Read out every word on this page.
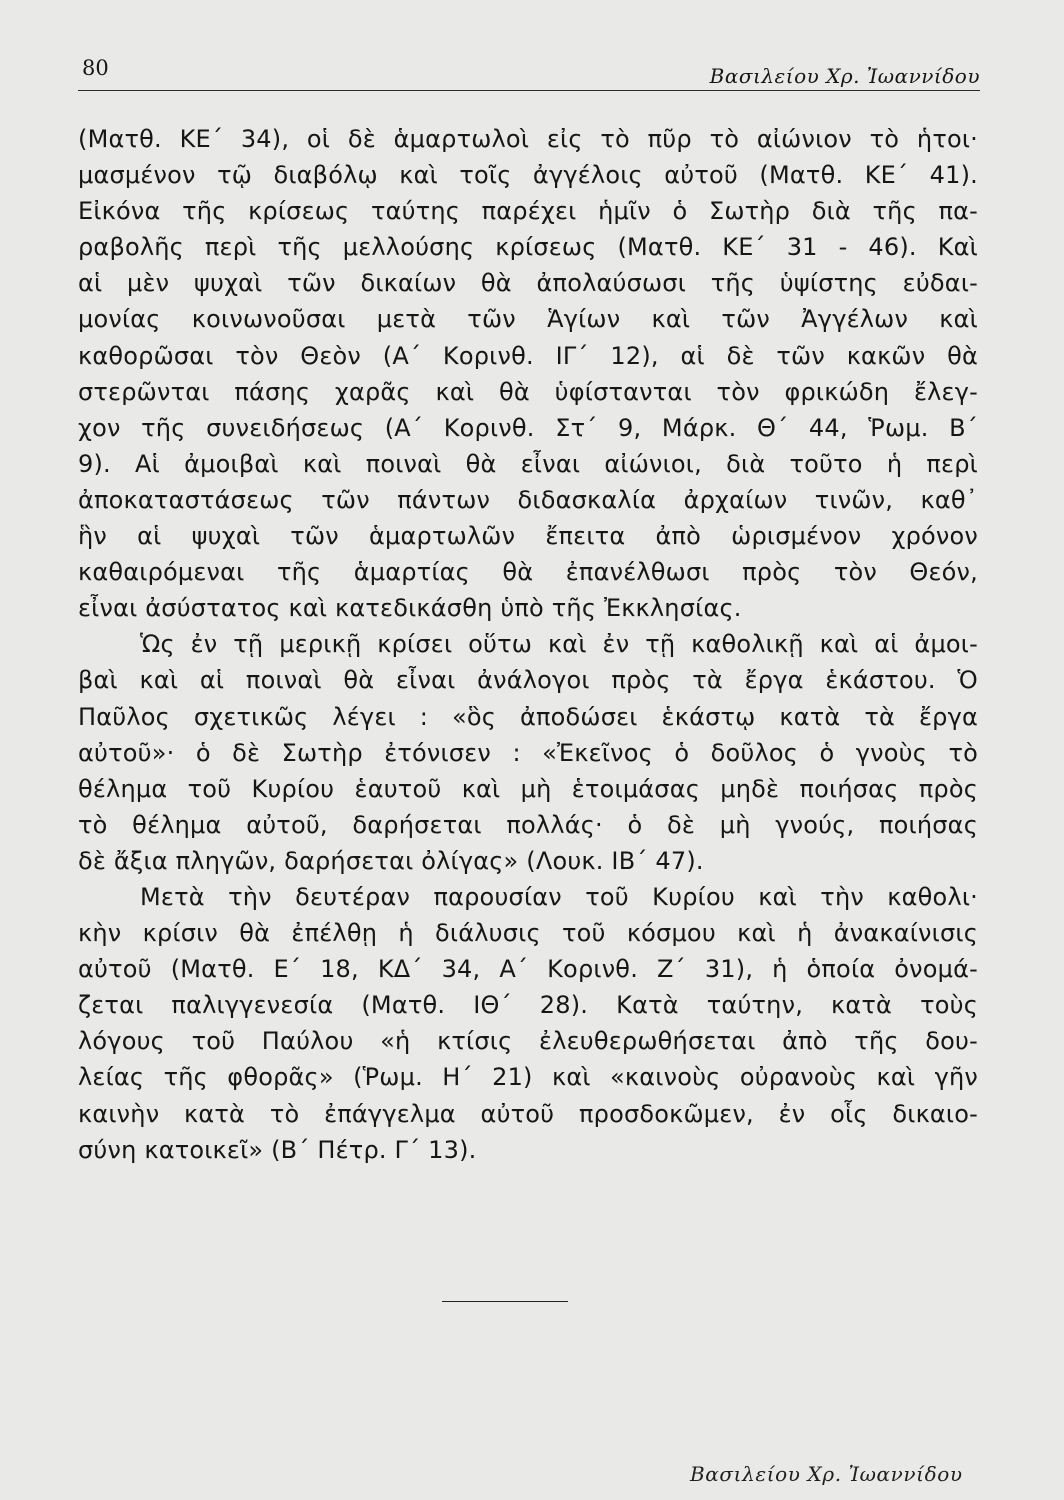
80	Βασιλείου Χρ. Ἰωαννίδου
(Ματθ. ΚΕ΄ 34), οἱ δὲ ἁμαρτωλοὶ εἰς τὸ πῦρ τὸ αἰώνιον τὸ ἡτοι·
μασμένον τῷ διαβόλῳ καὶ τοῖς ἀγγέλοις αὐτοῦ (Ματθ. ΚΕ΄ 41).
Εἰκόνα τῆς κρίσεως ταύτης παρέχει ἡμῖν ὁ Σωτὴρ διὰ τῆς πα-
ραβολῆς περὶ τῆς μελλούσης κρίσεως (Ματθ. ΚΕ΄ 31 - 46). Καὶ
αἱ μὲν ψυχαὶ τῶν δικαίων θὰ ἀπολαύσωσι τῆς ὑψίστης εὐδαι-
μονίας κοινωνοῦσαι μετὰ τῶν Ἁγίων καὶ τῶν Ἀγγέλων καὶ
καθορῶσαι τὸν Θεὸν (Α΄ Κορινθ. ΙΓ΄ 12), αἱ δὲ τῶν κακῶν θὰ
στερῶνται πάσης χαρᾶς καὶ θὰ ὑφίστανται τὸν φρικώδη ἔλεγ-
χον τῆς συνειδήσεως (Α΄ Κορινθ. Στ΄ 9, Μάρκ. Θ΄ 44, Ῥωμ. Β΄
9). Αἱ ἀμοιβαὶ καὶ ποιναὶ θὰ εἶναι αἰώνιοι, διὰ τοῦτο ἡ περὶ
ἀποκαταστάσεως τῶν πάντων διδασκαλία ἀρχαίων τινῶν, καθ᾽
ἣν αἱ ψυχαὶ τῶν ἁμαρτωλῶν ἔπειτα ἀπὸ ὡρισμένον χρόνον
καθαιρόμεναι τῆς ἁμαρτίας θὰ ἐπανέλθωσι πρὸς τὸν Θεόν,
εἶναι ἀσύστατος καὶ κατεδικάσθη ὑπὸ τῆς Ἐκκλησίας.
Ὡς ἐν τῇ μερικῇ κρίσει οὕτω καὶ ἐν τῇ καθολικῇ καὶ αἱ ἀμοι-
βαὶ καὶ αἱ ποιναὶ θὰ εἶναι ἀνάλογοι πρὸς τὰ ἔργα ἑκάστου. Ὁ
Παῦλος σχετικῶς λέγει : «ὃς ἀποδώσει ἑκάστῳ κατὰ τὰ ἔργα
αὐτοῦ»· ὁ δὲ Σωτὴρ ἐτόνισεν : «Ἐκεῖνος ὁ δοῦλος ὁ γνοὺς τὸ
θέλημα τοῦ Κυρίου ἑαυτοῦ καὶ μὴ ἑτοιμάσας μηδὲ ποιήσας πρὸς
τὸ θέλημα αὐτοῦ, δαρήσεται πολλάς· ὁ δὲ μὴ γνούς, ποιήσας
δὲ ἄξια πληγῶν, δαρήσεται ὀλίγας» (Λουκ. ΙΒ΄ 47).
Μετὰ τὴν δευτέραν παρουσίαν τοῦ Κυρίου καὶ τὴν καθολι·
κὴν κρίσιν θὰ ἐπέλθῃ ἡ διάλυσις τοῦ κόσμου καὶ ἡ ἀνακαίνισις
αὐτοῦ (Ματθ. Ε΄ 18, ΚΔ΄ 34, Α΄ Κορινθ. Ζ΄ 31), ἡ ὁποία ὀνομά-
ζεται παλιγγενεσία (Ματθ. ΙΘ΄ 28). Κατὰ ταύτην, κατὰ τοὺς
λόγους τοῦ Παύλου «ἡ κτίσις ἐλευθερωθήσεται ἀπὸ τῆς δου-
λείας τῆς φθορᾶς» (Ῥωμ. Η΄ 21) καὶ «καινοὺς οὐρανοὺς καὶ γῆν
καινὴν κατὰ τὸ ἐπάγγελμα αὐτοῦ προσδοκῶμεν, ἐν οἷς δικαιο-
σύνη κατοικεῖ» (Β΄ Πέτρ. Γ΄ 13).
Βασιλείου Χρ. Ἰωαννίδου
